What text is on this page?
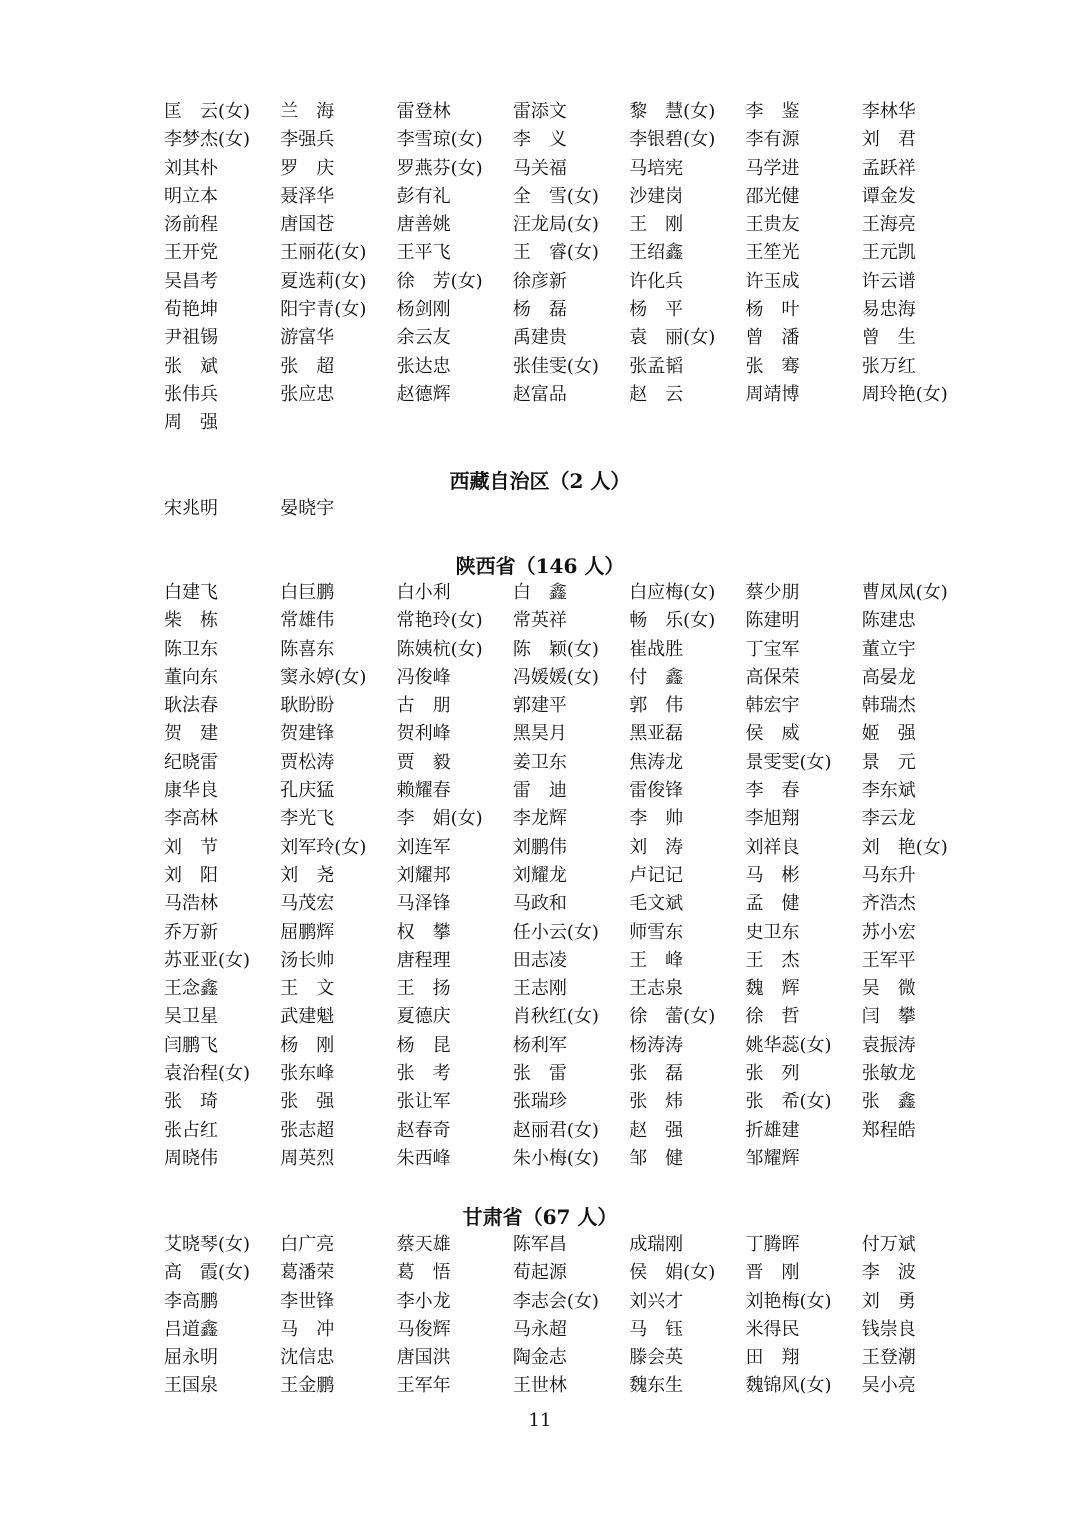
匡　云(女) 兰　海	雷登林	雷添文	黎　慧(女) 李　鉴	李林华
李梦杰(女) 李强兵	李雪琼(女) 李　义	李银碧(女) 李有源	刘　君
刘其朴	罗　庆	罗燕芬(女) 马关福	马培宪	马学进	孟跃祥
明立本	聂泽华	彭有礼	全　雪(女) 沙建岗	邵光健	谭金发
汤前程	唐国苍	唐善姚	汪龙局(女) 王　刚	王贵友	王海亮
王开党	王丽花(女) 王平飞	王　睿(女) 王绍鑫	王笙光	王元凯
吴昌考	夏选莉(女) 徐　芳(女) 徐彦新	许化兵	许玉成	许云谱
荀艳坤	阳宇青(女) 杨剑刚	杨　磊	杨　平	杨　叶	易忠海
尹祖锡	游富华	余云友	禹建贵	袁　丽(女) 曾　潘	曾　生
张　斌	张　超	张达忠	张佳雯(女) 张孟韬	张　骞	张万红
张伟兵	张应忠	赵德辉	赵富品	赵　云	周靖博	周玲艳(女)
周　强
西藏自治区（2 人）
宋兆明	晏晓宇
陕西省（146 人）
白建飞	白巨鹏	白小利	白　鑫	白应梅(女) 蔡少朋	曹凤凤(女)
柴　栋	常雄伟	常艳玲(女) 常英祥	畅　乐(女) 陈建明	陈建忠
陈卫东	陈喜东	陈姨杭(女) 陈　颖(女) 崔战胜	丁宝军	董立宇
董向东	窦永婷(女) 冯俊峰	冯媛媛(女) 付　鑫	高保荣	高晏龙
耿法春	耿盼盼	古　朋	郭建平	郭　伟	韩宏宇	韩瑞杰
贺　建	贺建锋	贺利峰	黑昊月	黑亚磊	侯　威	姬　强
纪晓雷	贾松涛	贾　毅	姜卫东	焦涛龙	景雯雯(女) 景　元
康华良	孔庆猛	赖耀春	雷　迪	雷俊锋	李　春	李东斌
李高林	李光飞	李　娟(女) 李龙辉	李　帅	李旭翔	李云龙
刘　节	刘军玲(女) 刘连军	刘鹏伟	刘　涛	刘祥良	刘　艳(女)
刘　阳	刘　尧	刘耀邦	刘耀龙	卢记记	马　彬	马东升
马浩林	马茂宏	马泽锋	马政和	毛文斌	孟　健	齐浩杰
乔万新	屈鹏辉	权　攀	任小云(女) 师雪东	史卫东	苏小宏
苏亚亚(女) 汤长帅	唐程理	田志凌	王　峰	王　杰	王军平
王念鑫	王　文	王　扬	王志刚	王志泉	魏　辉	吴　微
吴卫星	武建魁	夏德庆	肖秋红(女) 徐　蕾(女) 徐　哲	闫　攀
闫鹏飞	杨　刚	杨　昆	杨利军	杨涛涛	姚华蕊(女) 袁振涛
袁治程(女) 张东峰	张　考	张　雷	张　磊	张　列	张敏龙
张　琦	张　强	张让军	张瑞珍	张　炜	张　希(女) 张　鑫
张占红	张志超	赵春奇	赵丽君(女) 赵　强	折雄建	郑程皓
周晓伟	周英烈	朱西峰	朱小梅(女) 邹　健	邹耀辉
甘肃省（67 人）
艾晓琴(女) 白广亮	蔡天雄	陈军昌	成瑞刚	丁腾晖	付万斌
高　霞(女) 葛潘荣	葛　悟	荀起源	侯　娟(女) 晋　刚	李　波
李高鹏	李世锋	李小龙	李志会(女) 刘兴才	刘艳梅(女) 刘　勇
吕道鑫	马　冲	马俊辉	马永超	马　钰	米得民	钱崇良
屈永明	沈信忠	唐国洪	陶金志	滕会英	田　翔	王登潮
王国泉	王金鹏	王军年	王世林	魏东生	魏锦风(女) 吴小亮
11
